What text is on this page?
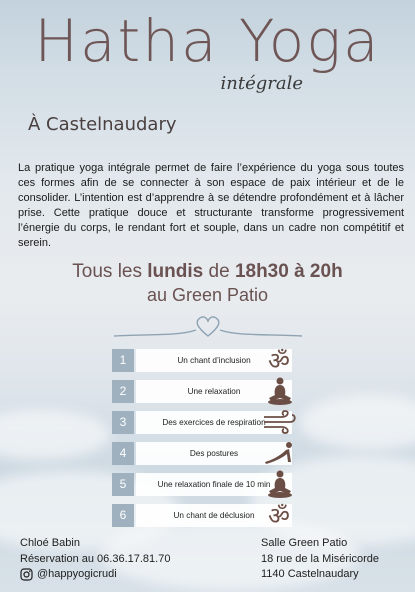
Hatha Yoga
intégrale
À Castelnaudary
La pratique yoga intégrale permet de faire l’expérience du yoga sous toutes ces formes afin de se connecter à son espace de paix intérieur et de le consolider. L’intention est d’apprendre à se détendre profondément et à lâcher prise. Cette pratique douce et structurante transforme progressivement l’énergie du corps, le rendant fort et souple, dans un cadre non compétitif et serein.
Tous les lundis de 18h30 à 20h
au Green Patio
1	Un chant d’inclusion ॐ
2	Une relaxation
3	Des exercices de respiration
4	Des postures
5	Une relaxation finale de 10 min
6	Un chant de déclusion ॐ
Chloé Babin
Réservation au 06.36.17.81.70
@happyogicrudi
Salle Green Patio
18 rue de la Miséricorde
1140 Castelnaudary
